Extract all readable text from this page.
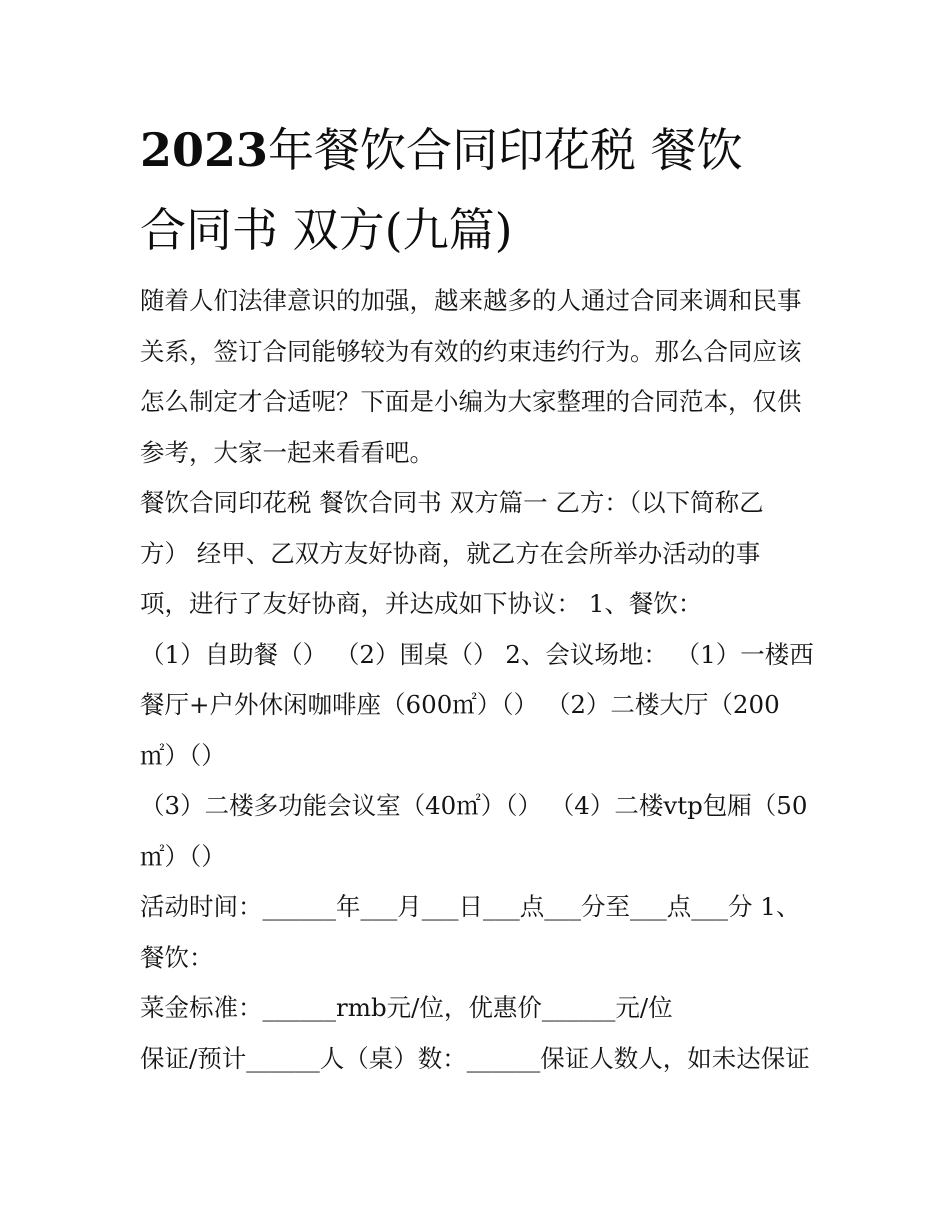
2023年餐饮合同印花税 餐饮
合同书 双方(九篇)

随着人们法律意识的加强，越来越多的人通过合同来调和民事
关系，签订合同能够较为有效的约束违约行为。那么合同应该
怎么制定才合适呢？下面是小编为大家整理的合同范本，仅供
参考，大家一起来看看吧。

餐饮合同印花税 餐饮合同书 双方篇一 乙方：（以下简称乙
方） 经甲、乙双方友好协商，就乙方在会所举办活动的事
项，进行了友好协商，并达成如下协议： 1、餐饮：

（1）自助餐（） （2）围桌（） 2、会议场地： （1）一楼西
餐厅+户外休闲咖啡座（600㎡）（） （2）二楼大厅（200
㎡）（）

（3）二楼多功能会议室（40㎡）（） （4）二楼vtp包厢（50
㎡）（）

活动时间：______年___月___日___点___分至___点___分 1、
餐饮：

菜金标准：______rmb元/位，优惠价______元/位

保证/预计______人（桌）数：______保证人数人，如未达保证
